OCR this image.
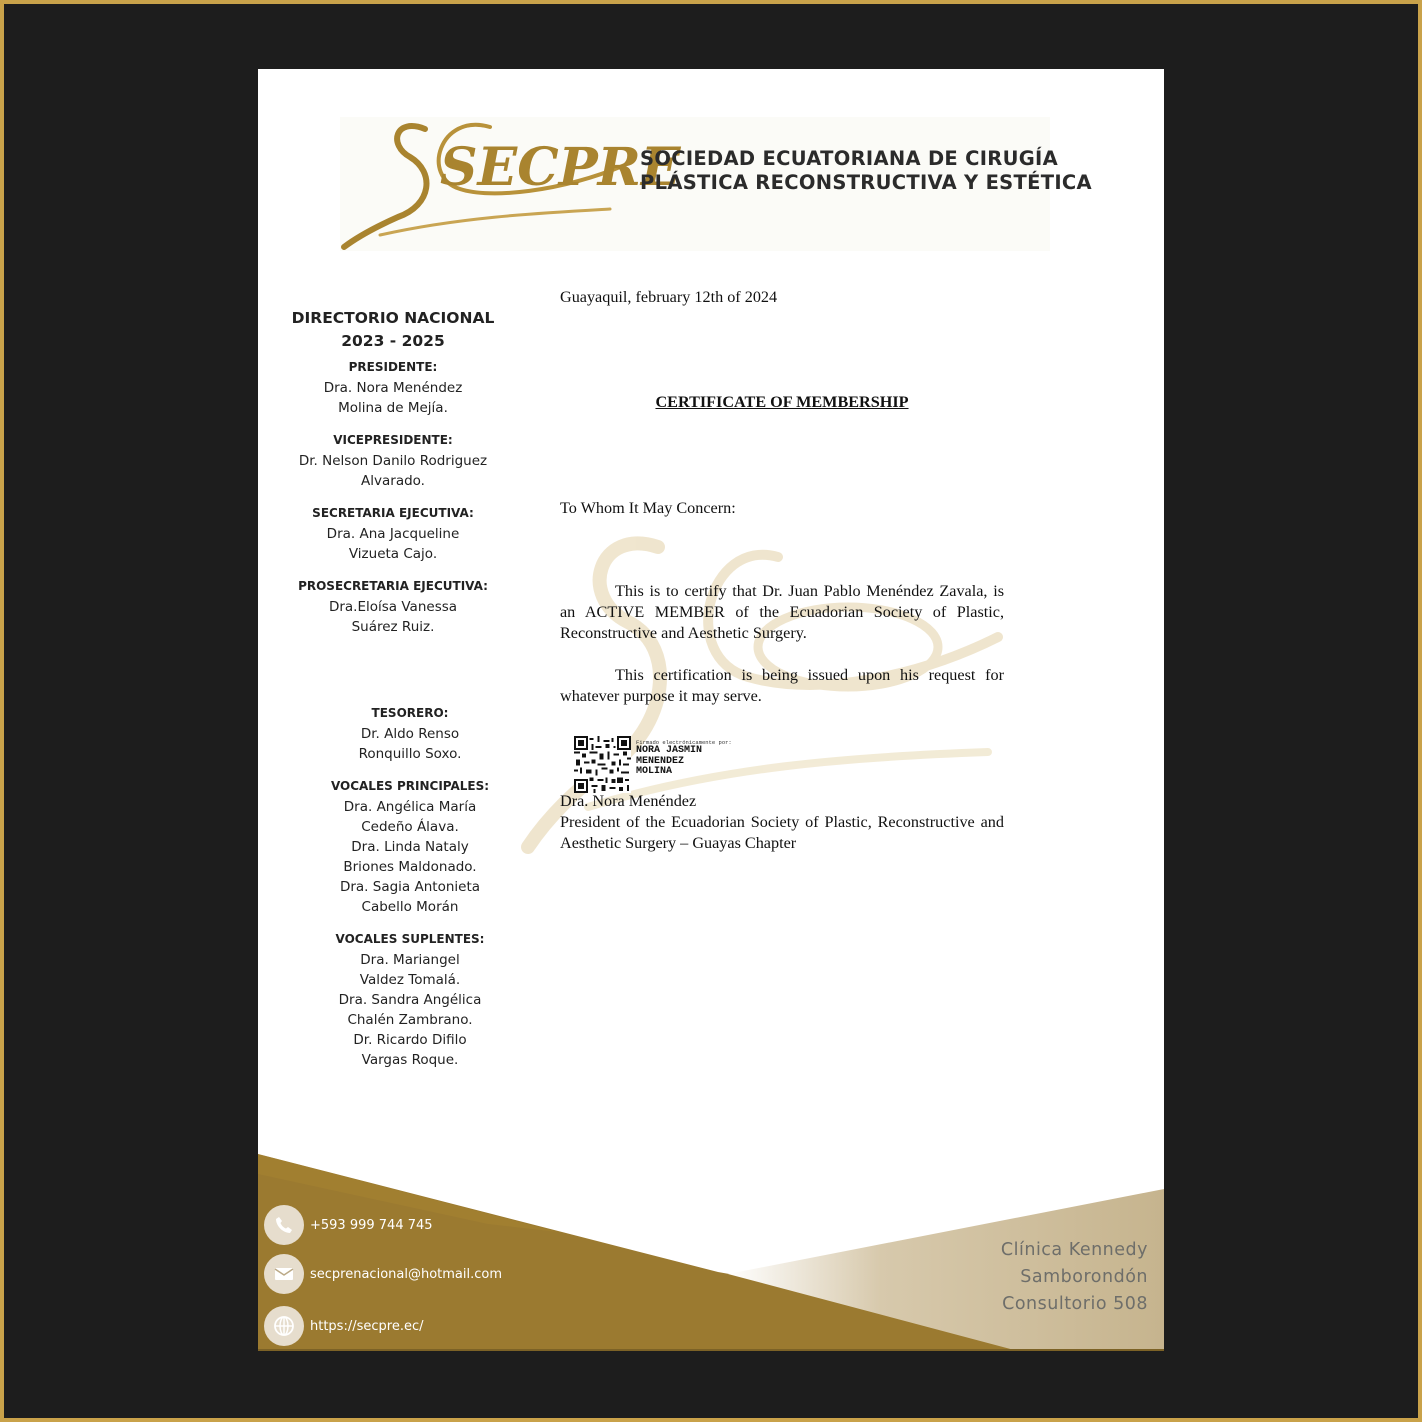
SECPRE
SOCIEDAD ECUATORIANA DE CIRUGÍA
PLÁSTICA RECONSTRUCTIVA Y ESTÉTICA
DIRECTORIO NACIONAL
2023 - 2025
PRESIDENTE:
Dra. Nora Menéndez
Molina de Mejía.
VICEPRESIDENTE:
Dr. Nelson Danilo Rodriguez
Alvarado.
SECRETARIA EJECUTIVA:
Dra. Ana Jacqueline
Vizueta Cajo.
PROSECRETARIA EJECUTIVA:
Dra.Eloísa Vanessa
Suárez Ruiz.
TESORERO:
Dr. Aldo Renso
Ronquillo Soxo.
VOCALES PRINCIPALES:
Dra. Angélica María
Cedeño Álava.
Dra. Linda Nataly
Briones Maldonado.
Dra. Sagia Antonieta
Cabello Morán
VOCALES SUPLENTES:
Dra. Mariangel
Valdez Tomalá.
Dra. Sandra Angélica
Chalén Zambrano.
Dr. Ricardo Difilo
Vargas Roque.
Guayaquil, february 12th of 2024
CERTIFICATE OF MEMBERSHIP
To Whom It May Concern:
This is to certify that Dr. Juan Pablo Menéndez Zavala, is an ACTIVE MEMBER of the Ecuadorian Society of Plastic, Reconstructive and Aesthetic Surgery.
This certification is being issued upon his request for whatever purpose it may serve.
Firmado electrónicamente por:
NORA JASMIN
MENENDEZ
MOLINA
Dra. Nora Menéndez
President of the Ecuadorian Society of Plastic, Reconstructive and Aesthetic Surgery – Guayas Chapter
+593 999 744 745
secprenacional@hotmail.com
https://secpre.ec/
Clínica Kennedy
Samborondón
Consultorio 508
